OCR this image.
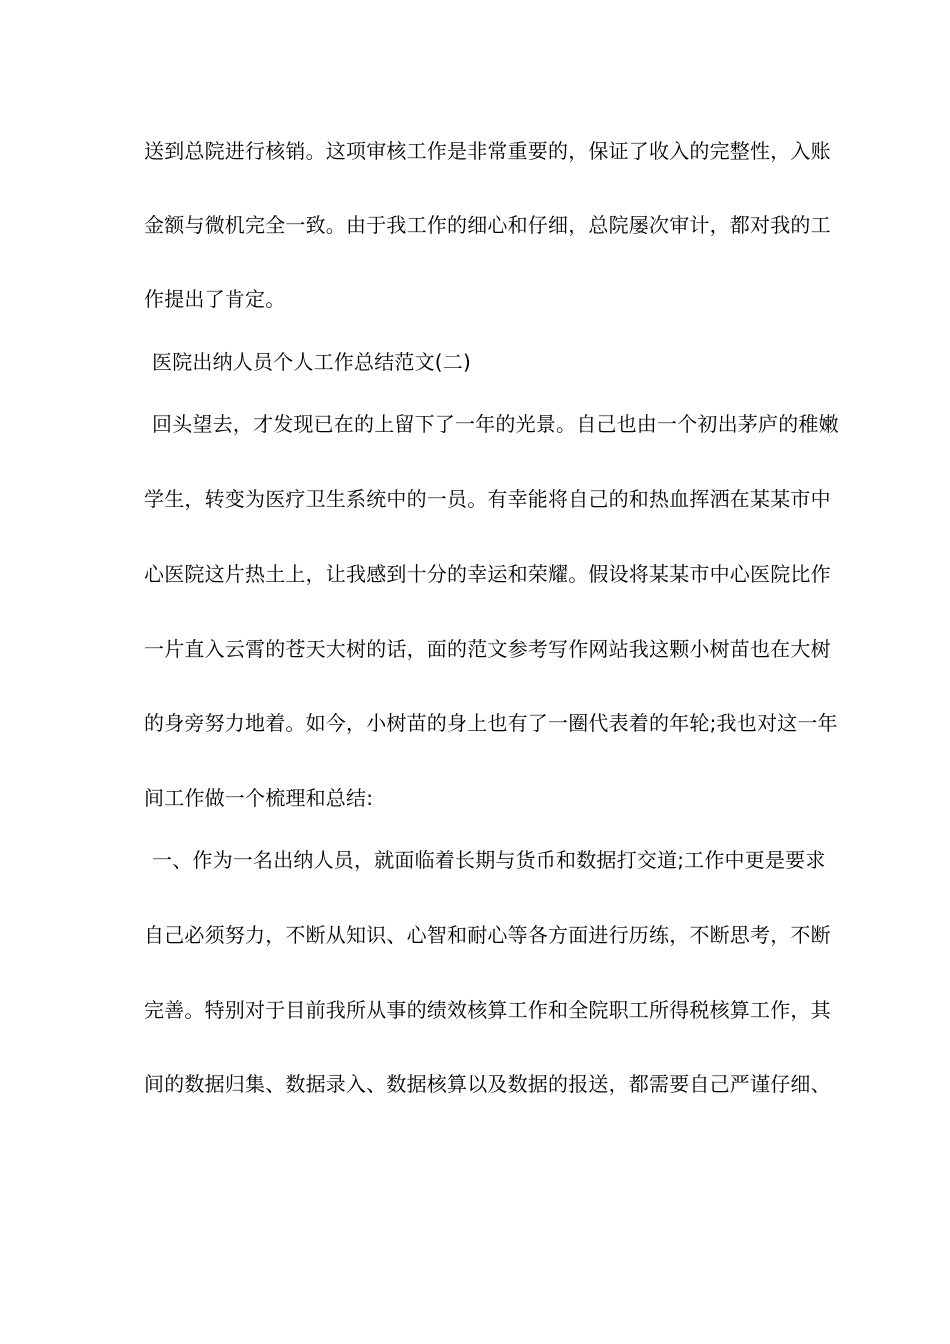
送到总院进行核销。这项审核工作是非常重要的，保证了收入的完整性，入账
金额与微机完全一致。由于我工作的细心和仔细，总院屡次审计，都对我的工
作提出了肯定。
医院出纳人员个人工作总结范文(二)
回头望去，才发现已在的上留下了一年的光景。自己也由一个初出茅庐的稚嫩
学生，转变为医疗卫生系统中的一员。有幸能将自己的和热血挥洒在某某市中
心医院这片热土上，让我感到十分的幸运和荣耀。假设将某某市中心医院比作
一片直入云霄的苍天大树的话，面的范文参考写作网站我这颗小树苗也在大树
的身旁努力地着。如今，小树苗的身上也有了一圈代表着的年轮;我也对这一年
间工作做一个梳理和总结:
一、作为一名出纳人员，就面临着长期与货币和数据打交道;工作中更是要求
自己必须努力，不断从知识、心智和耐心等各方面进行历练，不断思考，不断
完善。特别对于目前我所从事的绩效核算工作和全院职工所得税核算工作，其
间的数据归集、数据录入、数据核算以及数据的报送，都需要自己严谨仔细、
